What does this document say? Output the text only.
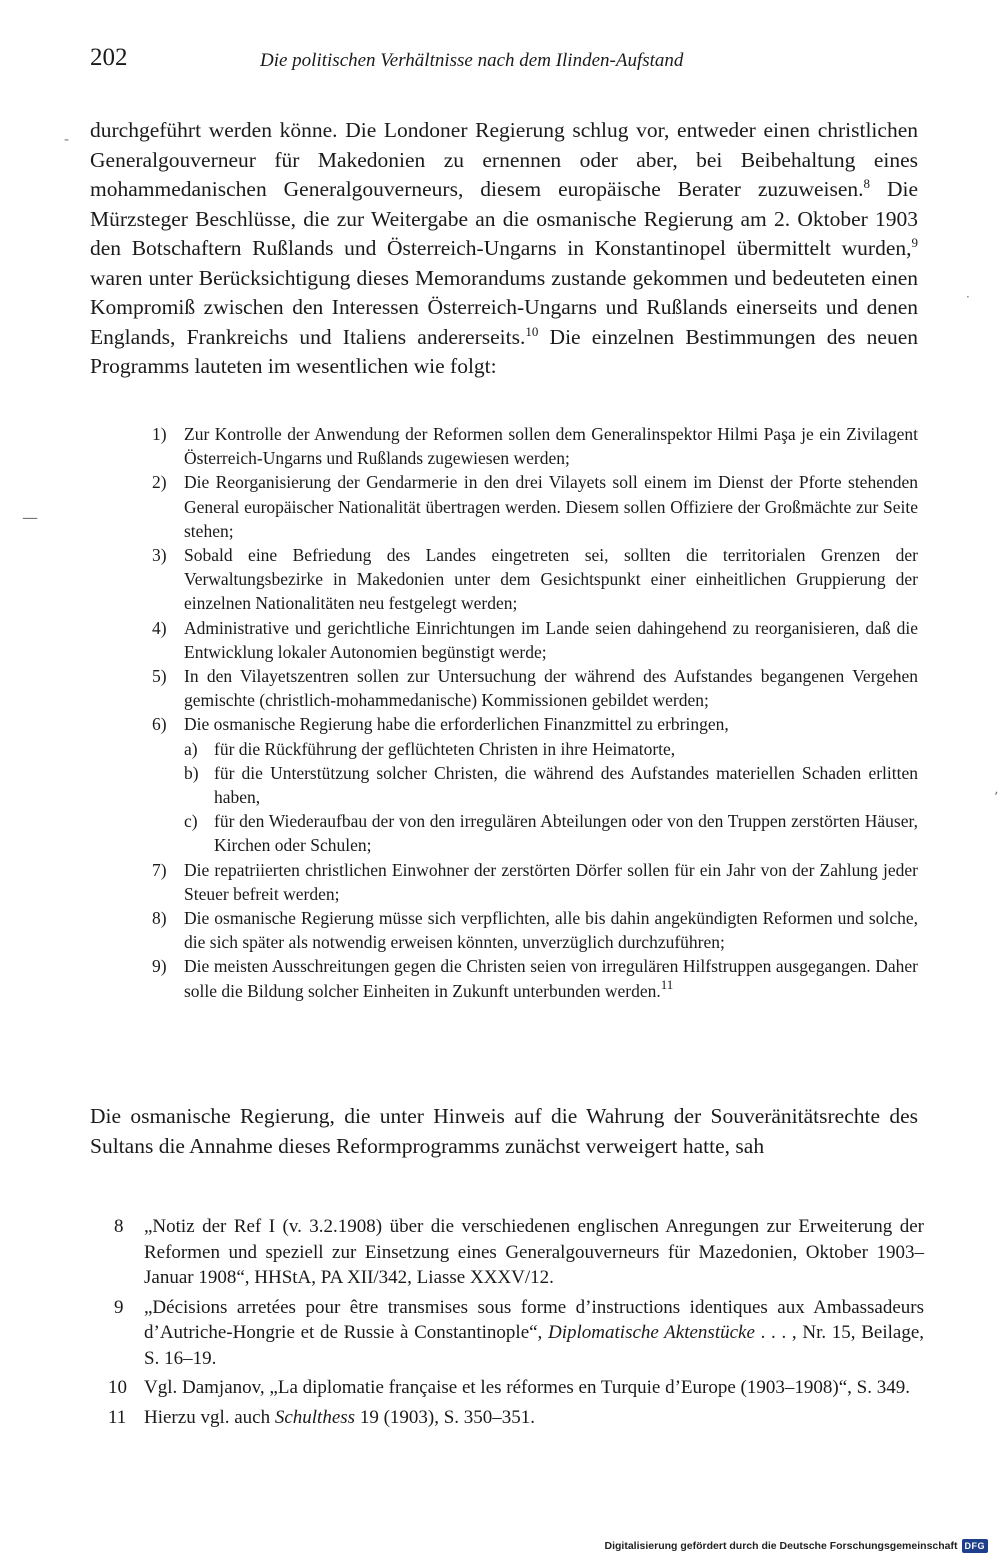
202	Die politischen Verhältnisse nach dem Ilinden-Aufstand
durchgeführt werden könne. Die Londoner Regierung schlug vor, entweder einen christlichen Generalgouverneur für Makedonien zu ernennen oder aber, bei Beibehaltung eines mohammedanischen Generalgouverneurs, diesem europäische Berater zuzuweisen.$^8$ Die Mürzsteger Beschlüsse, die zur Weitergabe an die osmanische Regierung am 2. Oktober 1903 den Botschaftern Rußlands und Österreich-Ungarns in Konstantinopel übermittelt wurden,$^9$ waren unter Berücksichtigung dieses Memorandums zustande gekommen und bedeuteten einen Kompromiß zwischen den Interessen Österreich-Ungarns und Rußlands einerseits und denen Englands, Frankreichs und Italiens andererseits.$^{10}$ Die einzelnen Bestimmungen des neuen Programms lauteten im wesentlichen wie folgt:
1) Zur Kontrolle der Anwendung der Reformen sollen dem Generalinspektor Hilmi Paşa je ein Zivilagent Österreich-Ungarns und Rußlands zugewiesen werden;
2) Die Reorganisierung der Gendarmerie in den drei Vilayets soll einem im Dienst der Pforte stehenden General europäischer Nationalität übertragen werden. Diesem sollen Offiziere der Großmächte zur Seite stehen;
3) Sobald eine Befriedung des Landes eingetreten sei, sollten die territorialen Grenzen der Verwaltungsbezirke in Makedonien unter dem Gesichtspunkt einer einheitlichen Gruppierung der einzelnen Nationalitäten neu festgelegt werden;
4) Administrative und gerichtliche Einrichtungen im Lande seien dahingehend zu reorganisieren, daß die Entwicklung lokaler Autonomien begünstigt werde;
5) In den Vilayetszentren sollen zur Untersuchung der während des Aufstandes begangenen Vergehen gemischte (christlich-mohammedanische) Kommissionen gebildet werden;
6) Die osmanische Regierung habe die erforderlichen Finanzmittel zu erbringen,
a) für die Rückführung der geflüchteten Christen in ihre Heimatorte,
b) für die Unterstützung solcher Christen, die während des Aufstandes materiellen Schaden erlitten haben,
c) für den Wiederaufbau der von den irregulären Abteilungen oder von den Truppen zerstörten Häuser, Kirchen oder Schulen;
7) Die repatriierten christlichen Einwohner der zerstörten Dörfer sollen für ein Jahr von der Zahlung jeder Steuer befreit werden;
8) Die osmanische Regierung müsse sich verpflichten, alle bis dahin angekündigten Reformen und solche, die sich später als notwendig erweisen könnten, unverzüglich durchzuführen;
9) Die meisten Ausschreitungen gegen die Christen seien von irregulären Hilfstruppen ausgegangen. Daher solle die Bildung solcher Einheiten in Zukunft unterbunden werden.$^{11}$
Die osmanische Regierung, die unter Hinweis auf die Wahrung der Souveränitätsrechte des Sultans die Annahme dieses Reformprogramms zunächst verweigert hatte, sah
8 „Notiz der Ref I (v. 3.2.1908) über die verschiedenen englischen Anregungen zur Erweiterung der Reformen und speziell zur Einsetzung eines Generalgouverneurs für Mazedonien, Oktober 1903–Januar 1908“, HHStA, PA XII/342, Liasse XXXV/12.
9 „Décisions arretées pour être transmises sous forme d’instructions identiques aux Ambassadeurs d’Autriche-Hongrie et de Russie à Constantinople“, Diplomatische Aktenstücke . . . , Nr. 15, Beilage, S. 16–19.
10 Vgl. Damjanov, „La diplomatie française et les réformes en Turquie d’Europe (1903–1908)“, S. 349.
11 Hierzu vgl. auch Schulthess 19 (1903), S. 350–351.
‐
—
·
ʼ
Digitalisierung gefördert durch die Deutsche Forschungsgemeinschaft DFG
